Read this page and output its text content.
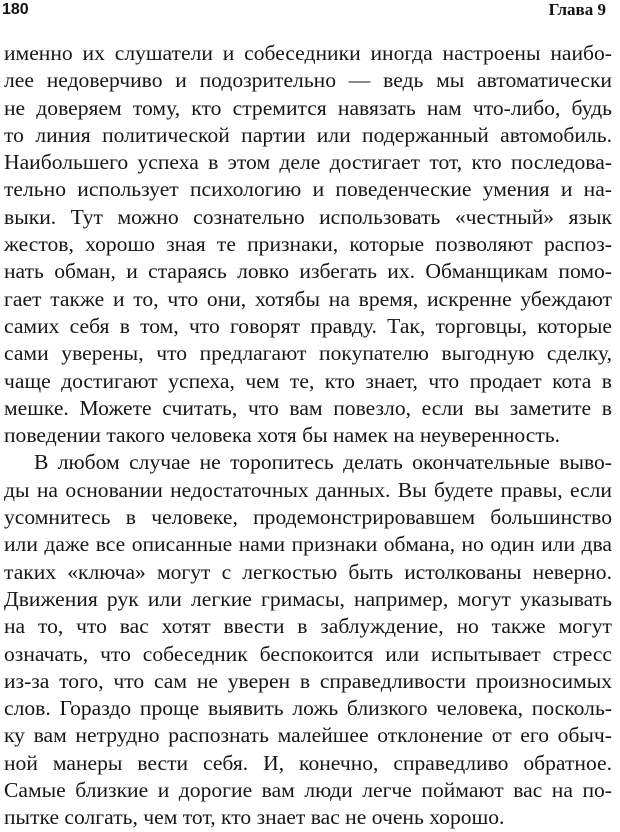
180	Глава 9
именно их слушатели и собеседники иногда настроены наибо-
лее недоверчиво и подозрительно — ведь мы автоматически
не доверяем тому, кто стремится навязать нам что-либо, будь
то линия политической партии или подержанный автомобиль.
Наибольшего успеха в этом деле достигает тот, кто последова-
тельно использует психологию и поведенческие умения и на-
выки. Тут можно сознательно использовать «честный» язык
жестов, хорошо зная те признаки, которые позволяют распоз-
нать обман, и стараясь ловко избегать их. Обманщикам помо-
гает также и то, что они, хотябы на время, искренне убеждают
самих себя в том, что говорят правду. Так, торговцы, которые
сами уверены, что предлагают покупателю выгодную сделку,
чаще достигают успеха, чем те, кто знает, что продает кота в
мешке. Можете считать, что вам повезло, если вы заметите в
поведении такого человека хотя бы намек на неуверенность.
В любом случае не торопитесь делать окончательные выво-
ды на основании недостаточных данных. Вы будете правы, если
усомнитесь в человеке, продемонстрировавшем большинство
или даже все описанные нами признаки обмана, но один или два
таких «ключа» могут с легкостью быть истолкованы неверно.
Движения рук или легкие гримасы, например, могут указывать
на то, что вас хотят ввести в заблуждение, но также могут
означать, что собеседник беспокоится или испытывает стресс
из-за того, что сам не уверен в справедливости произносимых
слов. Гораздо проще выявить ложь близкого человека, посколь-
ку вам нетрудно распознать малейшее отклонение от его обыч-
ной манеры вести себя. И, конечно, справедливо обратное.
Самые близкие и дорогие вам люди легче поймают вас на по-
пытке солгать, чем тот, кто знает вас не очень хорошо.
